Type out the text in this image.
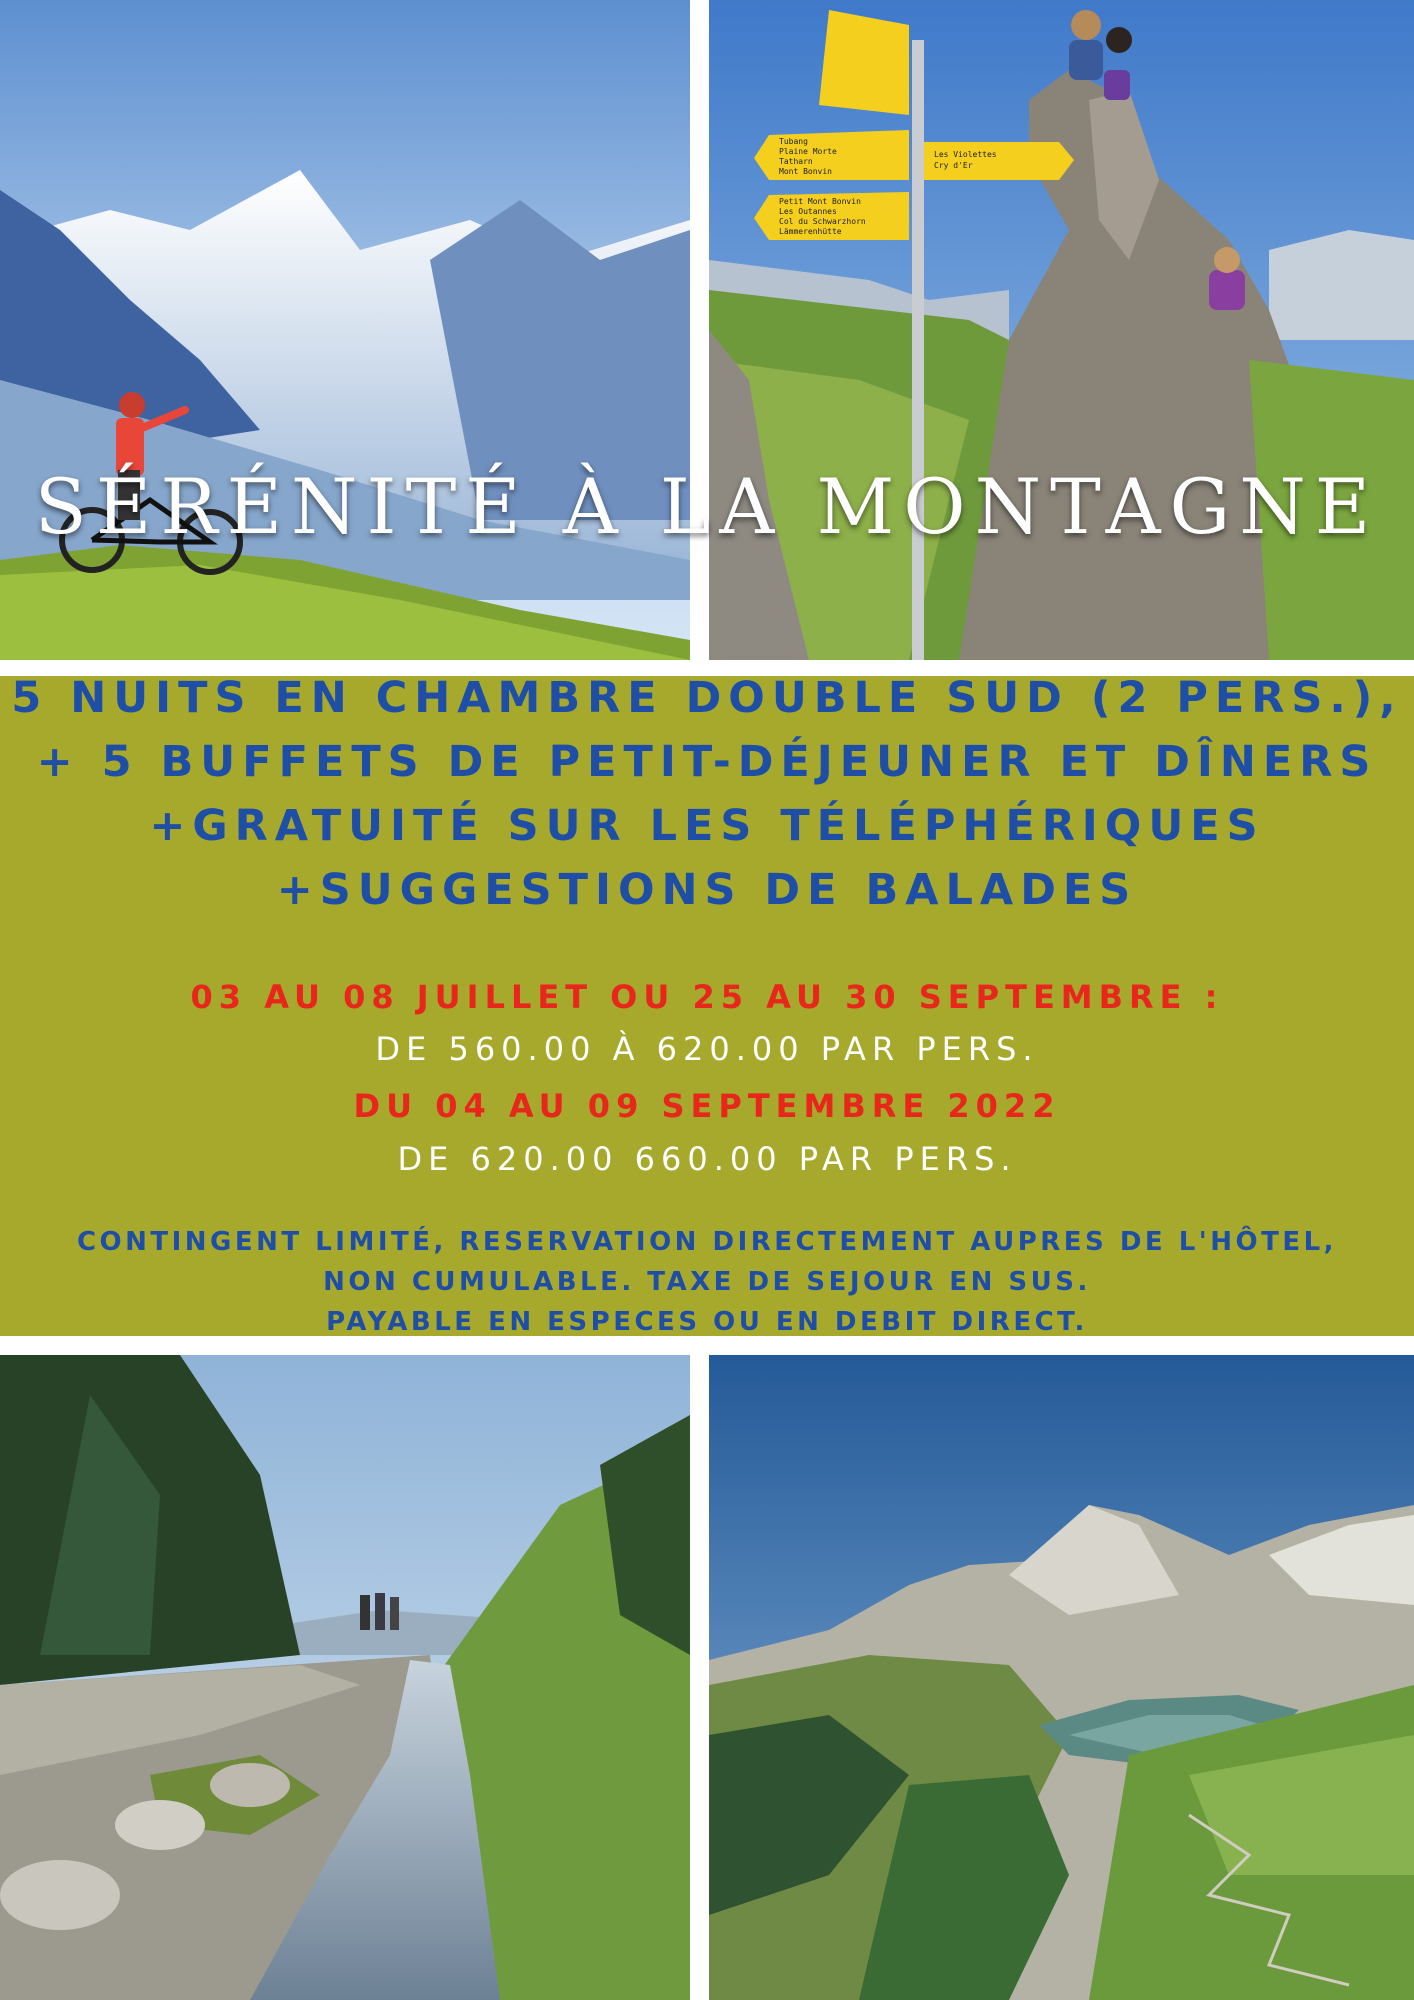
Tubang
Plaine Morte
Tatharn
Mont Bonvin
Petit Mont Bonvin
Les Outannes
Col du Schwarzhorn
Lämmerenhütte
Les Violettes
Cry d'Er
SÉRÉNITÉ À LA MONTAGNE
5 NUITS EN CHAMBRE DOUBLE SUD (2 PERS.),
+ 5 BUFFETS DE PETIT-DÉJEUNER ET DÎNERS
+GRATUITÉ SUR LES TÉLÉPHÉRIQUES
+SUGGESTIONS DE BALADES
03 AU 08 JUILLET OU 25 AU 30 SEPTEMBRE :
DE 560.00 À 620.00 PAR PERS.
DU 04 AU 09 SEPTEMBRE 2022
DE 620.00 660.00 PAR PERS.
CONTINGENT LIMITÉ, RESERVATION DIRECTEMENT AUPRES DE L'HÔTEL,
NON CUMULABLE. TAXE DE SEJOUR EN SUS.
PAYABLE EN ESPECES OU EN DEBIT DIRECT.
